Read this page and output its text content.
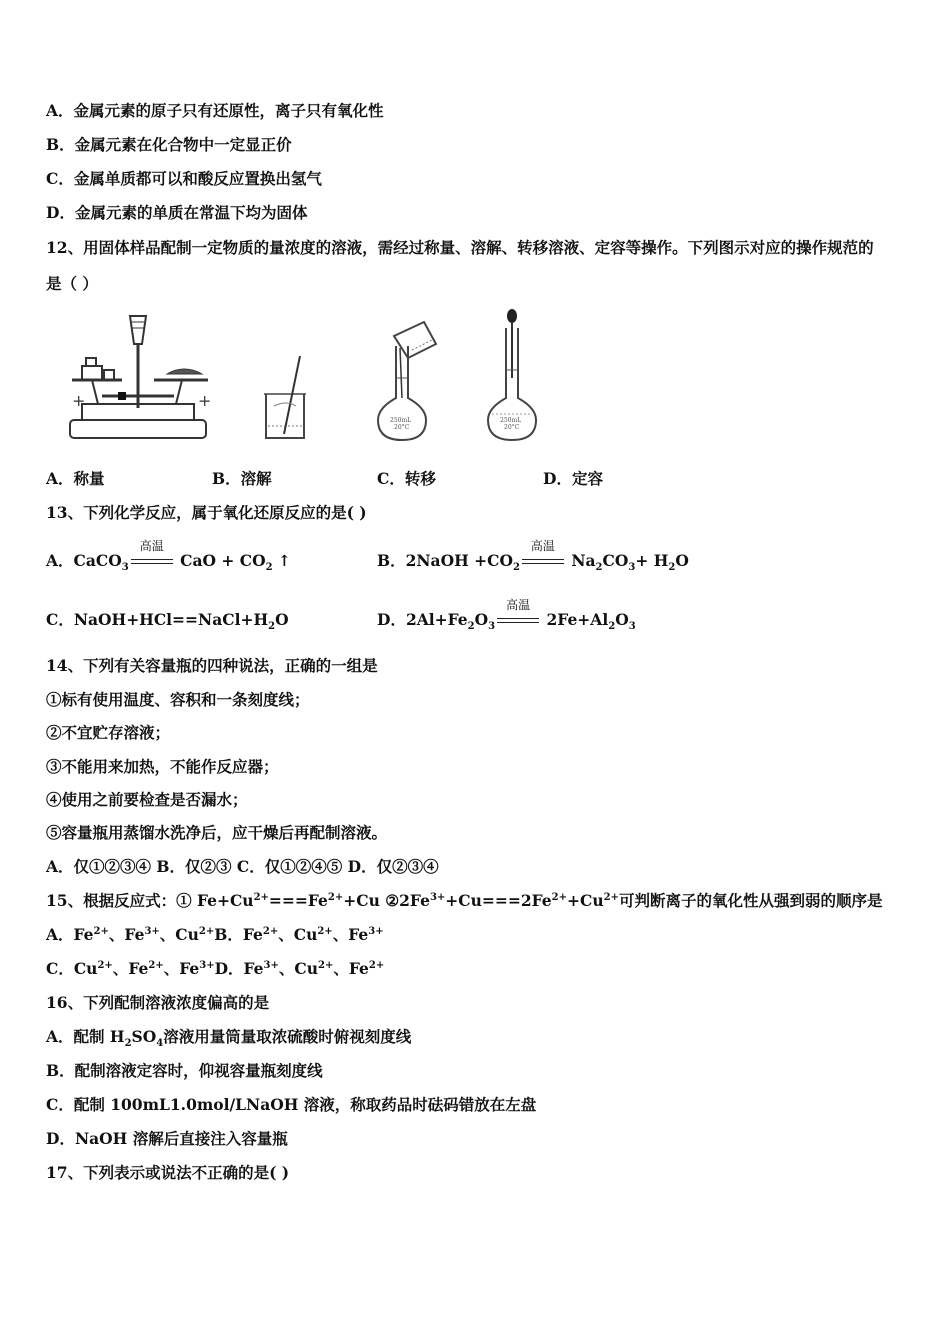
A．金属元素的原子只有还原性，离子只有氧化性
B．金属元素在化合物中一定显正价
C．金属单质都可以和酸反应置换出氢气
D．金属元素的单质在常温下均为固体
12、用固体样品配制一定物质的量浓度的溶液，需经过称量、溶解、转移溶液、定容等操作。下列图示对应的操作规范的
是（ ）
+	+
250mL
20°C
250mL
20°C
A．称量	B．溶解	C．转移	D．定容
13、下列化学反应，属于氧化还原反应的是( )
A．CaCO$_3$
高温
CaO + $CO_2$ ↑	B．2NaOH $+CO_2$
高温
$Na_2CO_3+ H_2O$
C．$NaOH+HCl==NaCl+H_2O$	D．$2Al+Fe_2O_3$
高温
$2Fe+Al_2O_3$
14、下列有关容量瓶的四种说法，正确的一组是
①标有使用温度、容积和一条刻度线；
②不宜贮存溶液；
③不能用来加热，不能作反应器；
④使用之前要检查是否漏水；
⑤容量瓶用蒸馏水洗净后，应干燥后再配制溶液。
A．仅①②③④ B．仅②③ C．仅①②④⑤ D．仅②③④
15、根据反应式：① $Fe+Cu^{2+}===Fe^{2+}+Cu$ $②2Fe^{3+}+Cu===2Fe^{2+}+Cu^{2+}$可判断离子的氧化性从强到弱的顺序是
A．$Fe^{2+}$、$Fe^{3+}$、$Cu^{2+}B$．$Fe^{2+}$、$Cu^{2+}$、$Fe^{3+}$
C．$Cu^{2+}$、$Fe^{2+}$、$Fe^{3+}D$．$Fe^{3+}$、$Cu^{2+}$、$Fe^{2+}$
16、下列配制溶液浓度偏高的是
A．配制 $H_2SO_4$溶液用量筒量取浓硫酸时俯视刻度线
B．配制溶液定容时，仰视容量瓶刻度线
C．配制 100mL1.0mol/LNaOH 溶液，称取药品时砝码错放在左盘
D．NaOH 溶解后直接注入容量瓶
17、下列表示或说法不正确的是( )
